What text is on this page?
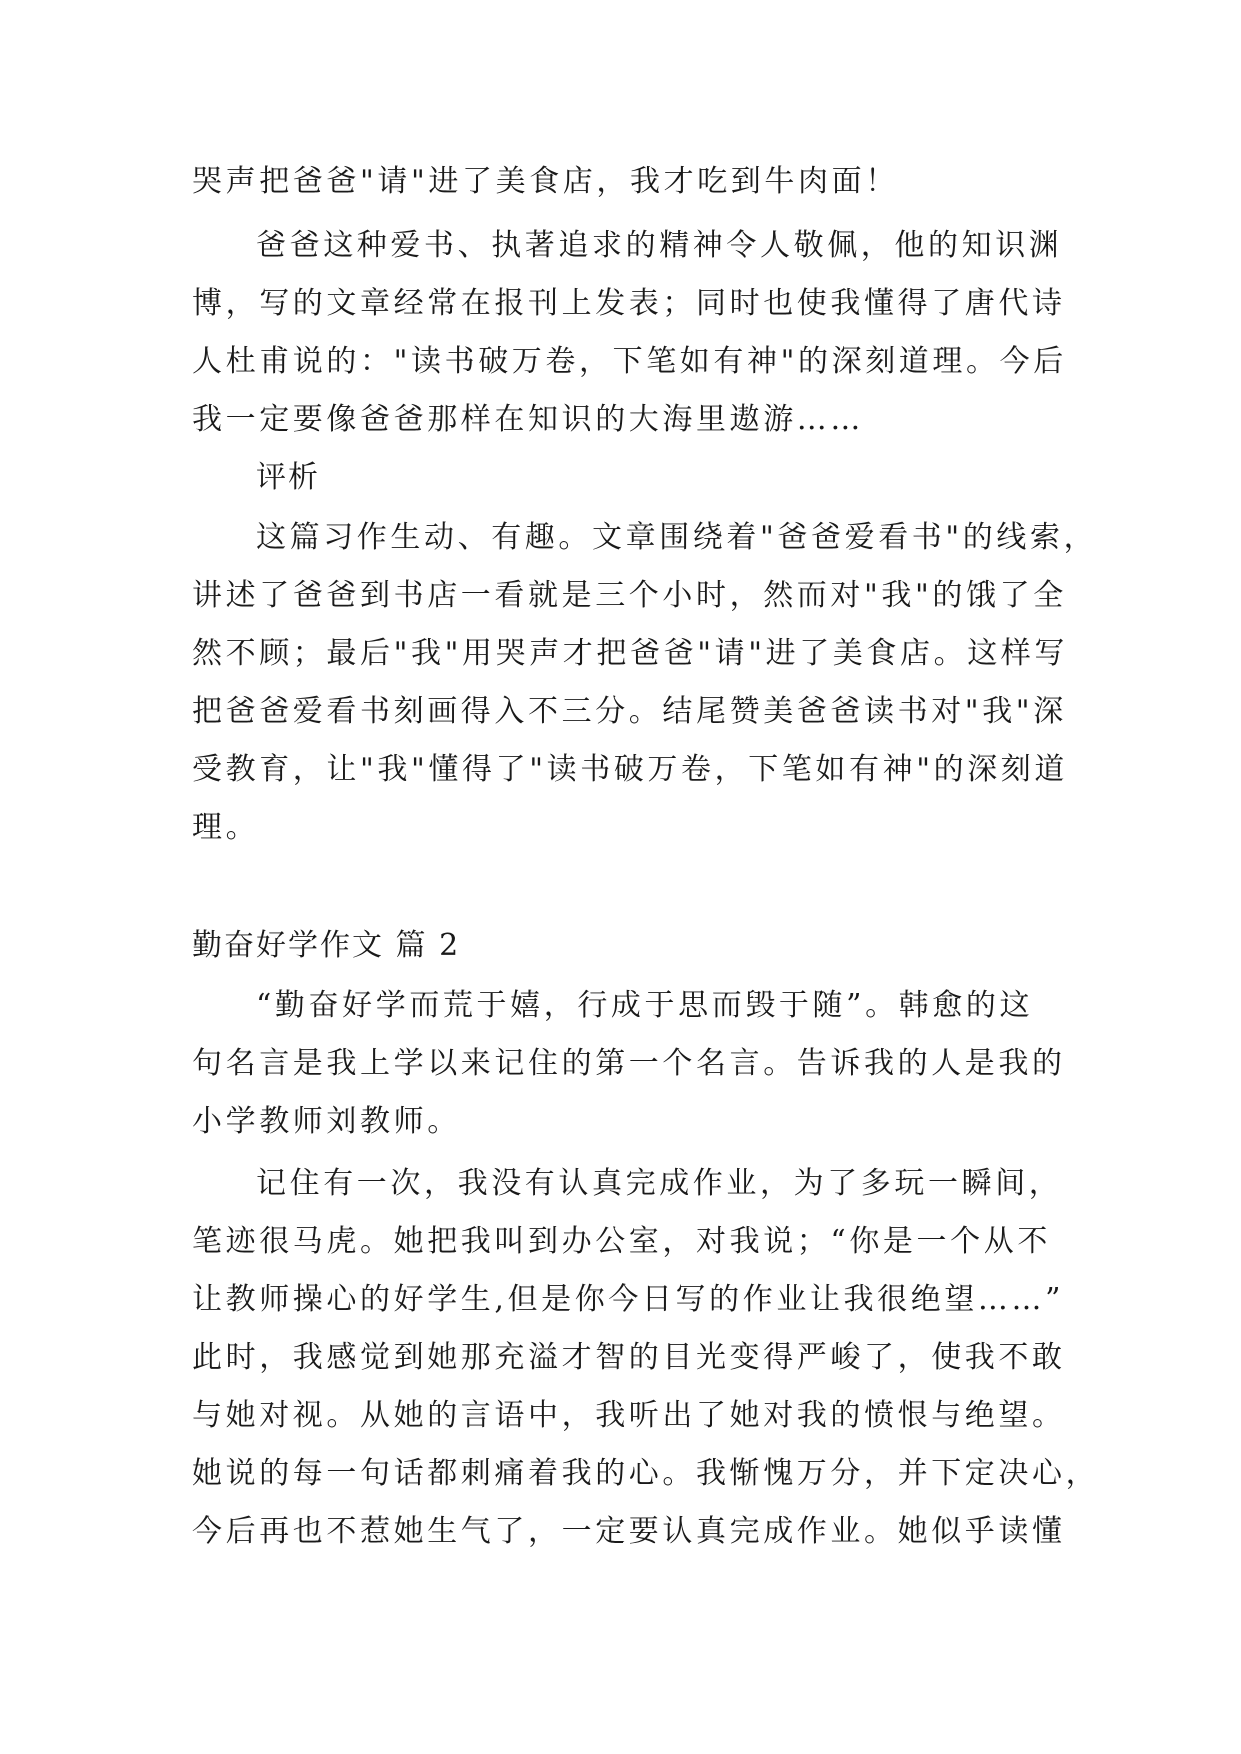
哭声把爸爸"请"进了美食店，我才吃到牛肉面！
爸爸这种爱书、执著追求的精神令人敬佩，他的知识渊
博，写的文章经常在报刊上发表；同时也使我懂得了唐代诗
人杜甫说的："读书破万卷，下笔如有神"的深刻道理。今后
我一定要像爸爸那样在知识的大海里遨游……
评析
这篇习作生动、有趣。文章围绕着"爸爸爱看书"的线索，
讲述了爸爸到书店一看就是三个小时，然而对"我"的饿了全
然不顾；最后"我"用哭声才把爸爸"请"进了美食店。这样写
把爸爸爱看书刻画得入不三分。结尾赞美爸爸读书对"我"深
受教育，让"我"懂得了"读书破万卷，下笔如有神"的深刻道
理。
勤奋好学作文 篇 2
“勤奋好学而荒于嬉，行成于思而毁于随”。韩愈的这
句名言是我上学以来记住的第一个名言。告诉我的人是我的
小学教师刘教师。
记住有一次，我没有认真完成作业，为了多玩一瞬间，
笔迹很马虎。她把我叫到办公室，对我说；“你是一个从不
让教师操心的好学生,但是你今日写的作业让我很绝望……”
此时，我感觉到她那充溢才智的目光变得严峻了，使我不敢
与她对视。从她的言语中，我听出了她对我的愤恨与绝望。
她说的每一句话都刺痛着我的心。我惭愧万分，并下定决心，
今后再也不惹她生气了，一定要认真完成作业。她似乎读懂
